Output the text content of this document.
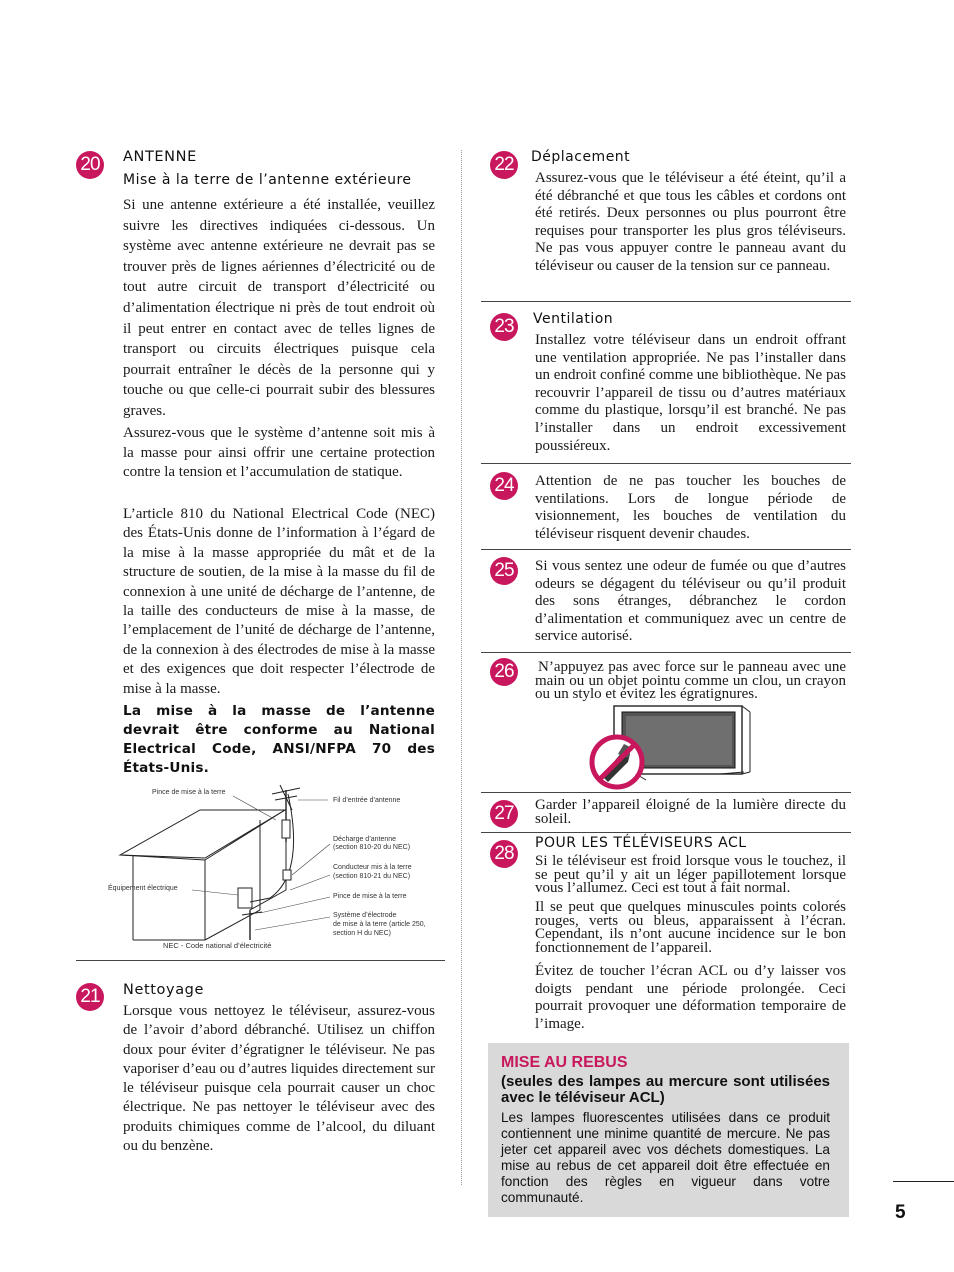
20	ANTENNE
Mise à la terre de l’antenne extérieure

Si une antenne extérieure a été installée, veuillez suivre les directives indiquées ci-dessous. Un système avec antenne extérieure ne devrait pas se trouver près de lignes aériennes d’électricité ou de tout autre circuit de transport d’électricité ou d’alimentation électrique ni près de tout endroit où il peut entrer en contact avec de telles lignes de transport ou circuits électriques puisque cela pourrait entraîner le décès de la personne qui y touche ou que celle-ci pourrait subir des blessures graves.

Assurez-vous que le système d’antenne soit mis à la masse pour ainsi offrir une certaine protection contre la tension et l’accumulation de statique.

L’article 810 du National Electrical Code (NEC) des États-Unis donne de l’information à l’égard de la mise à la masse appropriée du mât et de la structure de soutien, de la mise à la masse du fil de connexion à une unité de décharge de l’antenne, de la taille des conducteurs de mise à la masse, de l’emplacement de l’unité de décharge de l’antenne, de la connexion à des électrodes de mise à la masse et des exigences que doit respecter l’électrode de mise à la masse.

La mise à la masse de l’antenne devrait être conforme au National Electrical Code, ANSI/NFPA 70 des États-Unis.

Pince de mise à la terre
Fil d’entrée d’antenne
Décharge d’antenne
(section 810-20 du NEC)
Conducteur mis à la terre
(section 810-21 du NEC)
Pince de mise à la terre
Système d’électrode
de mise à la terre (article 250,
section H du NEC)
Équipement électrique
NEC - Code national d’électricité
21	Nettoyage

Lorsque vous nettoyez le téléviseur, assurez-vous de l’avoir d’abord débranché. Utilisez un chiffon doux pour éviter d’égratigner le téléviseur. Ne pas vaporiser d’eau ou d’autres liquides directement sur le téléviseur puisque cela pourrait causer un choc électrique. Ne pas nettoyer le téléviseur avec des produits chimiques comme de l’alcool, du diluant ou du benzène.

22	Déplacement

Assurez-vous que le téléviseur a été éteint, qu’il a été débranché et que tous les câbles et cordons ont été retirés. Deux personnes ou plus pourront être requises pour transporter les plus gros téléviseurs. Ne pas vous appuyer contre le panneau avant du téléviseur ou causer de la tension sur ce panneau.

23	Ventilation

Installez votre téléviseur dans un endroit offrant une ventilation appropriée. Ne pas l’installer dans un endroit confiné comme une bibliothèque. Ne pas recouvrir l’appareil de tissu ou d’autres matériaux comme du plastique, lorsqu’il est branché. Ne pas l’installer dans un endroit excessivement poussiéreux.

24 Attention de ne pas toucher les bouches de ventilations. Lors de longue période de visionnement, les bouches de ventilation du téléviseur risquent devenir chaudes.

25 Si vous sentez une odeur de fumée ou que d’autres odeurs se dégagent du téléviseur ou qu’il produit des sons étranges, débranchez le cordon d’alimentation et communiquez avec un centre de service autorisé.

26 N’appuyez pas avec force sur le panneau avec une main ou un objet pointu comme un clou, un crayon ou un stylo et évitez les égratignures.

27 Garder l’appareil éloigné de la lumière directe du soleil.

28	POUR LES TÉLÉVISEURS ACL

Si le téléviseur est froid lorsque vous le touchez, il se peut qu’il y ait un léger papillotement lorsque vous l’allumez. Ceci est tout à fait normal.

Il se peut que quelques minuscules points colorés rouges, verts ou bleus, apparaissent à l’écran. Cependant, ils n’ont aucune incidence sur le bon fonctionnement de l’appareil.

Évitez de toucher l’écran ACL ou d’y laisser vos doigts pendant une période prolongée. Ceci pourrait provoquer une déformation temporaire de l’image.

MISE AU REBUS

(seules des lampes au mercure sont utilisées avec le téléviseur ACL)

Les lampes fluorescentes utilisées dans ce produit contiennent une minime quantité de mercure. Ne pas jeter cet appareil avec vos déchets domestiques. La mise au rebus de cet appareil doit être effectuée en fonction des règles en vigueur dans votre communauté.

5
